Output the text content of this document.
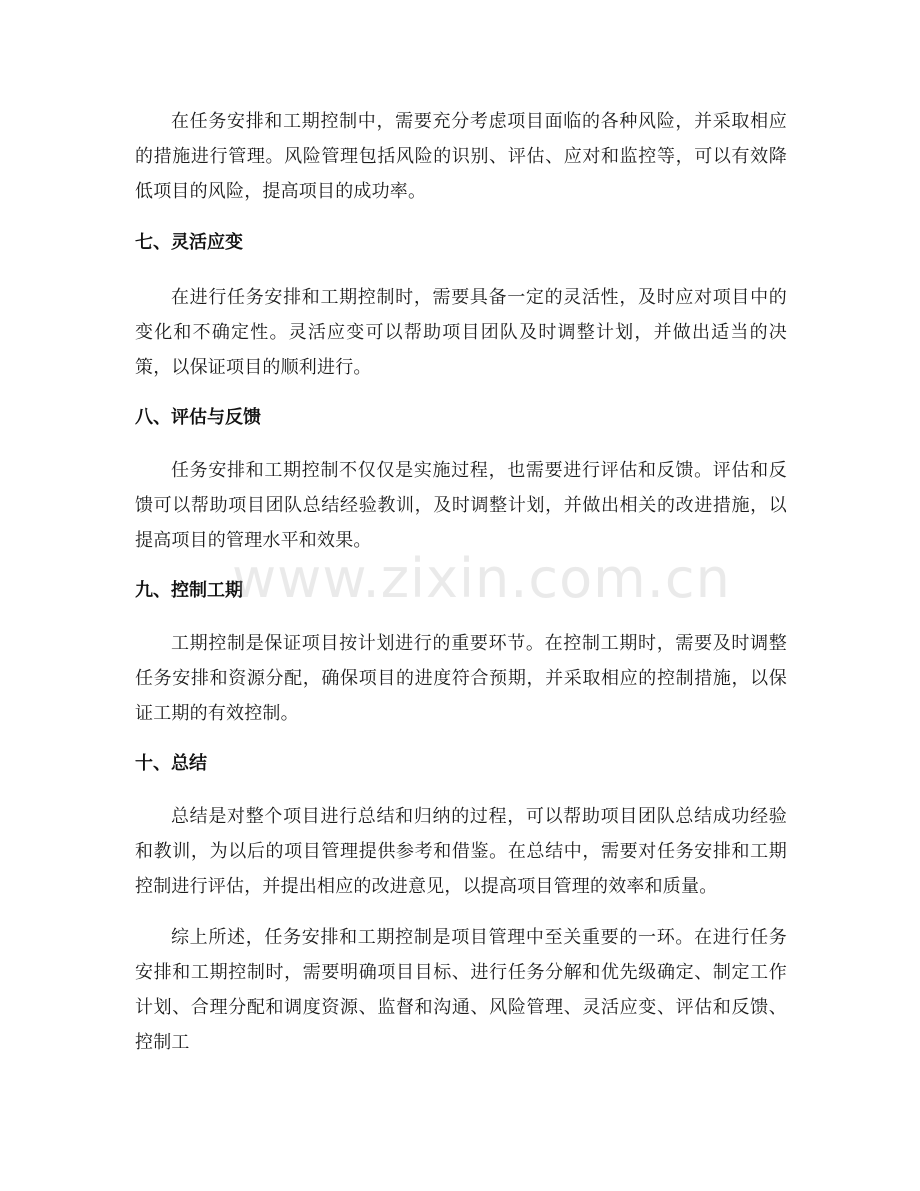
在任务安排和工期控制中，需要充分考虑项目面临的各种风险，并采取相应的措施进行管理。风险管理包括风险的识别、评估、应对和监控等，可以有效降低项目的风险，提高项目的成功率。

七、灵活应变

在进行任务安排和工期控制时，需要具备一定的灵活性，及时应对项目中的变化和不确定性。灵活应变可以帮助项目团队及时调整计划，并做出适当的决策，以保证项目的顺利进行。

八、评估与反馈

任务安排和工期控制不仅仅是实施过程，也需要进行评估和反馈。评估和反馈可以帮助项目团队总结经验教训，及时调整计划，并做出相关的改进措施，以提高项目的管理水平和效果。

九、控制工期

工期控制是保证项目按计划进行的重要环节。在控制工期时，需要及时调整任务安排和资源分配，确保项目的进度符合预期，并采取相应的控制措施，以保证工期的有效控制。

十、总结

总结是对整个项目进行总结和归纳的过程，可以帮助项目团队总结成功经验和教训，为以后的项目管理提供参考和借鉴。在总结中，需要对任务安排和工期控制进行评估，并提出相应的改进意见，以提高项目管理的效率和质量。

综上所述，任务安排和工期控制是项目管理中至关重要的一环。在进行任务安排和工期控制时，需要明确项目目标、进行任务分解和优先级确定、制定工作计划、合理分配和调度资源、监督和沟通、风险管理、灵活应变、评估和反馈、控制工

www.zixin.com.cn
